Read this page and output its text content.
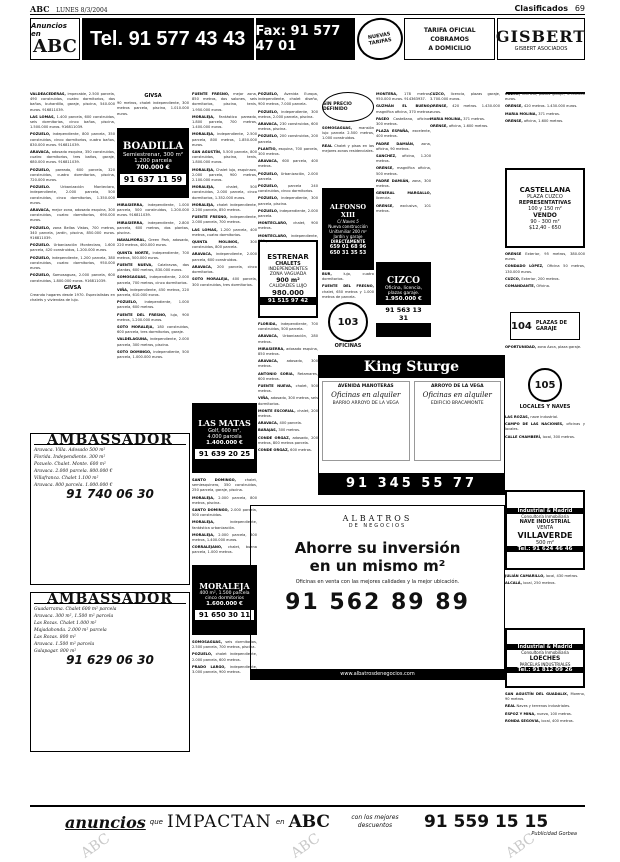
ABC LUNES 8/3/2004	Clasificados 69
Anuncios en
ABC Tel. 91 577 43 43 Fax: 91 577 47 01
NUEVAS TARIFAS
TARIFA OFICIAL
COBRAMOS
A DOMICILIO
GISBERT
GISBERT ASOCIADOS

VALDEACEDERAS, impecable, 2.500 parcela, 490 construidos, cuatro dormitorios, dos baños, buhardilla, garaje, piscina, 540.000 euros. 916811039.

LAS LOMAS, 1.400 parcela, 600 construidos, seis dormitorios, cinco baños, piscina, 1.500.000 euros. 916811039.

POZUELO, independiente, 800 parcela, 350 construidos, cinco dormitorios, cuatro baños, 830.000 euros. 916811039.

ARAVACA, adosado esquina, 350 construidos, cuatro dormitorios, tres baños, garaje, 680.000 euros. 916811039.

POZUELO, pareado, 600 parcela, 320 construidos, cuatro dormitorios, piscina, 720.000 euros.

POZUELO. Urbanización Monteclaro, independiente, 2.000 parcela, 500 construidos, cinco dormitorios, 1.350.000 euros.

ARAVACA, mejor zona, adosado esquina, 300 construidos, cuatro dormitorios, 690.000 euros.

POZUELO, zona Bellas Vistas, 700 metros, 340 parcela, jardín, piscina, 850.000 euros. 916811039.

POZUELO. Urbanización Monteclaro, 1.600 parcela, 420 construidos, 1.200.000 euros.

POZUELO, independiente, 1.200 parcela, 380 construidos, cuatro dormitorios, 950.000 euros.

POZUELO, Somosaguas, 2.000 parcela, 600 construidos, 1.800.000 euros. 916811039.

GIVSA

Creando hogares desde 1970. Especialistas en chalets y viviendas de lujo.

GIVSA

90 metros, chalet independiente, 300 metros parcela, piscina, 1.010.000 euros.

BOADILLA
Semiestrenar, 300 m²
1.200 parcela
700.000 €
91 637 11 59

MIRASIERRA, independiente, 1.000 parcela, 500 construidos, 1.200.000 euros. 916811039.

MIRASIERRA, independiente, 2.800 parcela, 600 metros, dos plantas, piscina.

NAVALMORAL, Green Park, adosado, 220 metros, 400.000 euros.

QUINTA NORTE, independiente, 700 metros, 500.000 euros.

FUENTE NUEVA, Calatravas, dos plantas, 600 metros, 830.000 euros.

SOMOSAGUAS, independiente, 2.000 parcela, 700 metros, cinco dormitorios.

VIÑA, independiente, 450 metros, 220 parcela, 610.000 euros.

POZUELO, independiente, 1.000 parcela, 600 metros.

FUENTE DEL FRESNO, lujo, 900 metros, 1.200.000 euros.

SOTO MORALEJA, 180 construidos, 600 parcela, tres dormitorios, garaje.

VALDELAGUNA, independiente, 2.000 parcela, 300 metros, piscina.

SOTO DOMINGO, independiente, 500 parcela, 1.000.000 euros.

FUENTE FRESNO, mejor zona, 850 metros, dos salones, seis dormitorios, piscina, tenis, 1.950.000 euros.

MORALEJA, Fantástico pareado, 1.800 parcela, 700 metros, 1.400.000 euros.

MORALEJA, independiente, 2.500 parcela, 800 metros, 1.850.000 euros.

SAN AGUSTÍN, 5.500 parcela, 800 construidos, piscina, tenis, 1.800.000 euros.

MORALEJA, Chalet lujo, esquinazo, 2.000 parcela, 900 metros, 2.100.000 euros.

MORALEJA, chalet, 500 construidos, 2.000 parcela, cinco dormitorios, 1.352.000 euros.

MORALEJA, chalet independiente, 2.200 parcela, 850 metros.

FUENTE FRESNO, independiente, 2.000 parcela, 700 metros.

LAS LOMAS, 1.200 parcela, 400 metros, cuatro dormitorios.

QUINTA MOLINOS, 300 construidos, 800 parcela.

ARAVACA, independiente, 2.000 parcela, 600 construidos.

ARAVACA, 200 parcela, cinco dormitorios.

SOTO MORALEJA, 400 parcela, 300 construidos, tres dormitorios.

LAS MATAS
Golf, 600 m²,
4.000 parcela
1.400.000 €
91 639 20 25

SANTO DOMINGO, chalet, semiesquinero, 350 construidos, 250 parcela, garaje, piscina.

MORALEJA, 2.000 parcela, 800 metros, piscina.

SANTO DOMINGO, 2.000 parcela, 500 construidos.

MORALEJA, independiente, fantástica urbanización.

MORALEJA, 2.000 parcela, 800 metros, 1.400.000 euros.

CORRALEJANO, chalet, buena parcela, 1.000 metros.

MORALEJA
400 m², 1.500 parcela
cinco dormitorios
1.600.000 €
91 650 30 11

SOMOSAGUAS, seis dormitorios, 2.500 parcela, 700 metros, piscina.

POZUELO, chalet independiente, 2.000 parcela, 600 metros.

PRADO LARGO, independiente, 3.000 parcela, 900 metros.

POZUELO, Avenida Europa, independiente, chalet diseño, 900 metros, 7.000 parcela.

POZUELO, independiente, 300 metros, 2.000 parcela, piscina.

ARAVACA, 230 construidos, 600 metros, piscina.

POZUELO, 200 construidos, 200 parcela.

PLANTIO, esquina, 700 parcela, 300 metros.

ARAVACA, 600 parcela, 400 metros.

POZUELO, Urbanización, 2.000 parcela.

POZUELO, parcela 240 construidos, cinco dormitorios.

POZUELO, independiente, 300 parcela, piscina.

POZUELO, independiente, 2.000 parcela.

MONTECLARO, chalet, 900 metros.

MONTECLARO, independiente, 300 parcela.

ESTRENAR
CHALETS
INDEPENDIENTES
ZONA VAGUADA
900 m²
CALIDADES LUJO
980.000
91 515 97 42

FLORIDA, independiente, 700 construidos, 500 parcela.

ARAVACA, Urbanización, 280 metros.

MIRASIERRA, adosado esquina, 850 metros.

ARAVACA, adosado, 300 metros.

ANTONIO SORIA, Retamares, 600 metros.

FUENTE NUEVA, chalet, 500 metros.

VIÑA, adosado, 300 metros, seis dormitorios.

MONTE ESCORIAL, chalet, 200 metros.

ARAVACA, 400 parcela.

BARAJAS, 300 metros.

CONDE ORGAZ, adosado, 200 metros, 800 metros parcela.

CONDE ORGAZ, 600 metros.

SIN PRECIO DEFINIDO

SOMOSAGUAS, mansión lujo parcela 2.500 metros, 1.000 construidos.

REAL Chalet y pisos en las mejores zonas residenciales.

ALFONSO XIII
C/ Naves 5
Nueva construcción
Unifamiliar 200 m²
Jardín y garaje
DIRECTAMENTE
659 01 68 96
650 31 35 53

BUR, lujo, cuatro dormitorios.

FUENTE DEL FRESNO, chalet, 650 metros y 1.000 metros de parcela.

103
OFICINAS

MONTERA, 178 metros, 950.000 euros. 914363937.

GUZMÁN EL BUENO, magnífica oficina, 370 metros.

PASEO Castellana, oficinas 300 metros.

PLAZA ESPAÑA, excelente, 400 metros.

PADRE DAMIÁN, zona, oficina, 90 metros.

SANCHEZ, oficina, 1.200 metros.

ORENSE, magnífica oficina, 500 metros.

PADRE DAMIÁN, zona, 300 metros.

GENERAL MARGALLO, licencia.

ORENSE, exclusiva, 101 metros.

CIZCO
Oficina, licencia,
plazas garaje.
1.950.000 €
91 563 13 31

CUZCO, licencia, plazas garaje, 3.700.000 euros.

ORENSE, 420 metros. 1.430.000 euros.

MARIA MOLINA, 371 metros.

ORENSE, oficina, 1.600 metros.

CASTELLANA
PLAZA CUZCO
REPRESENTATIVAS
100 y 150 m²
VENDO
90 - 300 m²
$12,40 - 650

CUZCO, licencia, plazas garaje, 3.700.000 euros.

ORENSE, 420 metros. 1.430.000 euros.

MARIA MOLINA, 371 metros.

ORENSE, oficina, 1.600 metros.

ORENSE Exterior, 95 metros, 380.000 euros.

CONDADO LÓPEZ, Oficina 50 metros, 130.000 euros.

CUZCO, Exterior, 200 metros.

COMANDANTE, Oficina.

104 PLAZAS DE GARAJE

OPORTUNIDAD, zona Azca, plaza garaje.

105
LOCALES Y NAVES

LAS ROZAS, nave industrial.

CAMPO DE LAS NACIONES, oficinas y locales.

CALLE CHAMBERÍ, local, 300 metros.

Industrial & Madrid
Consultoría Inmobiliaria
NAVE INDUSTRIAL
VENTA
VILLAVERDE
500 m²
Tel.: 91 624 46 46

JULIÁN CAMARILLO, local, 430 metros.

ALCALÁ, local, 250 metros.

Industrial & Madrid
Consultoría Inmobiliaria
LOECHES
PARCELAS INDUSTRIALES
Tel.: 91 812 09 26

SAN AGUSTÍN DEL GUADALIX, Moreno, 90 metros.

REAL Naves y terrenos industriales.

ESPOZ Y MINA, nuevo, 100 metros.

RONDA SEGOVIA, local, 400 metros.

AMBASSADOR
Aravaca. Villa. Adosado 500 m²
Florida. Independiente. 300 m²
Pozuelo. Chalet. Monte. 600 m²
Aravaca. 2.000 parcela. 800.000 €
Villafranca. Chalet 1.100 m²
Aravaca. 800 parcela. 1.000.000 €
91 740 06 30
AMBASSADOR
Guadarrama. Chalet 600 m² parcela
Aravaca. 300 m², 1.500 m² parcela
Las Rozas. Chalet 1.000 m²
Majadahonda. 2.000 m² parcela
Las Rozas. 800 m²
Aravaca. 1.500 m² parcela
Galapagar. 800 m²
91 629 06 30
King Sturge
AVENIDA MANOTERAS
Oficinas en alquiler
BARRIO ARROYO DE LA VEGA
ARROYO DE LA VEGA
Oficinas en alquiler
EDIFICIO BRACAMONTE
91 345 55 77
ALBATROS
DE NEGOCIOS
Ahorre su inversión
en un mismo m²
Oficinas en venta con las mejores calidades y la mejor ubicación.
91 562 89 89
www.albatrosdenegocios.com
anuncios que IMPACTAN en ABC	con los mejores descuentos	91 559 15 15
Publicidad Gorbea
ABC	ABC	ABC
